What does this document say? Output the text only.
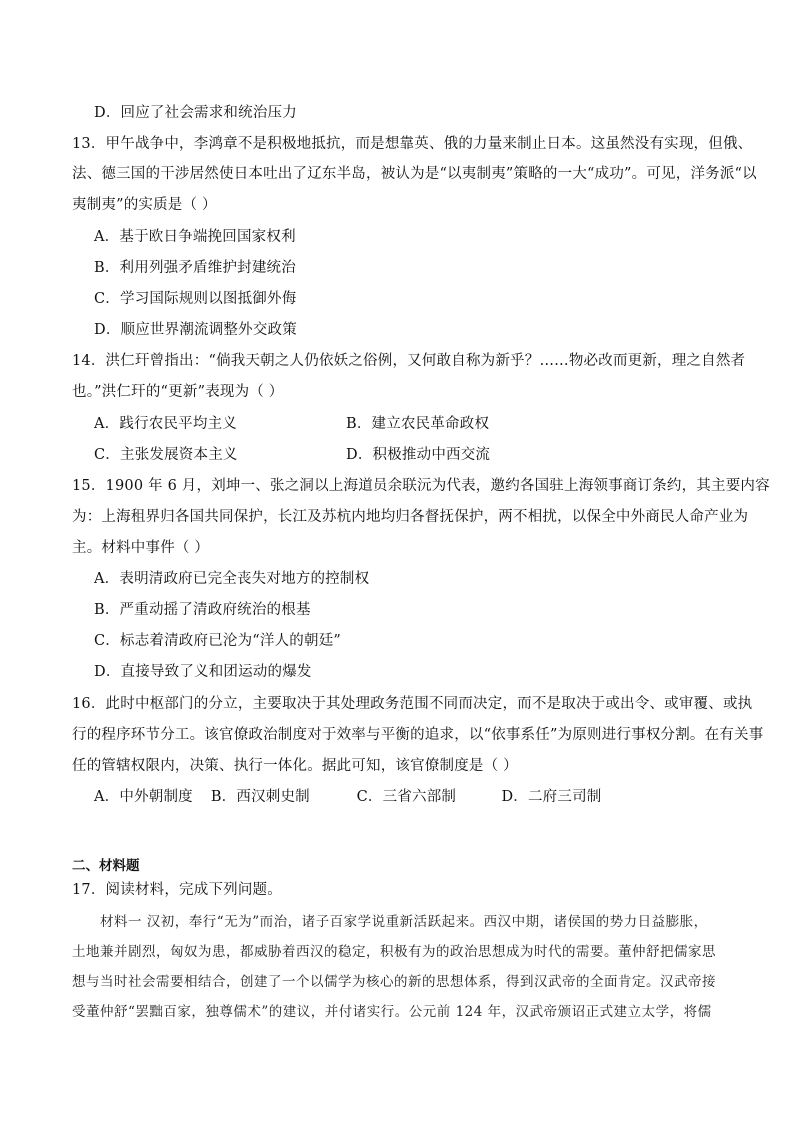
D．回应了社会需求和统治压力
13．甲午战争中，李鸿章不是积极地抵抗，而是想靠英、俄的力量来制止日本。这虽然没有实现，但俄、
法、德三国的干涉居然使日本吐出了辽东半岛，被认为是“以夷制夷”策略的一大“成功”。可见，洋务派“以
夷制夷”的实质是（ ）
A．基于欧日争端挽回国家权利
B．利用列强矛盾维护封建统治
C．学习国际规则以图抵御外侮
D．顺应世界潮流调整外交政策
14．洪仁玕曾指出：“倘我天朝之人仍依妖之俗例，又何敢自称为新乎？……物必改而更新，理之自然者
也。”洪仁玕的“更新”表现为（ ）
A．践行农民平均主义	B．建立农民革命政权
C．主张发展资本主义	D．积极推动中西交流
15．1900 年 6 月，刘坤一、张之洞以上海道员余联沅为代表，邀约各国驻上海领事商订条约，其主要内容
为：上海租界归各国共同保护，长江及苏杭内地均归各督抚保护，两不相扰，以保全中外商民人命产业为
主。材料中事件（ ）
A．表明清政府已完全丧失对地方的控制权
B．严重动摇了清政府统治的根基
C．标志着清政府已沦为“洋人的朝廷”
D．直接导致了义和团运动的爆发
16．此时中枢部门的分立，主要取决于其处理政务范围不同而决定，而不是取决于或出令、或审覆、或执
行的程序环节分工。该官僚政治制度对于效率与平衡的追求，以“依事系任”为原则进行事权分割。在有关事
任的管辖权限内，决策、执行一体化。据此可知，该官僚制度是（ ）
A．中外朝制度 B．西汉刺史制	C．三省六部制	D．二府三司制
二、材料题
17．阅读材料，完成下列问题。
材料一 汉初，奉行“无为”而治，诸子百家学说重新活跃起来。西汉中期，诸侯国的势力日益膨胀，
土地兼并剧烈，匈奴为患，都威胁着西汉的稳定，积极有为的政治思想成为时代的需要。董仲舒把儒家思
想与当时社会需要相结合，创建了一个以儒学为核心的新的思想体系，得到汉武帝的全面肯定。汉武帝接
受董仲舒“罢黜百家，独尊儒术”的建议，并付诸实行。公元前 124 年，汉武帝颁诏正式建立太学，将儒
